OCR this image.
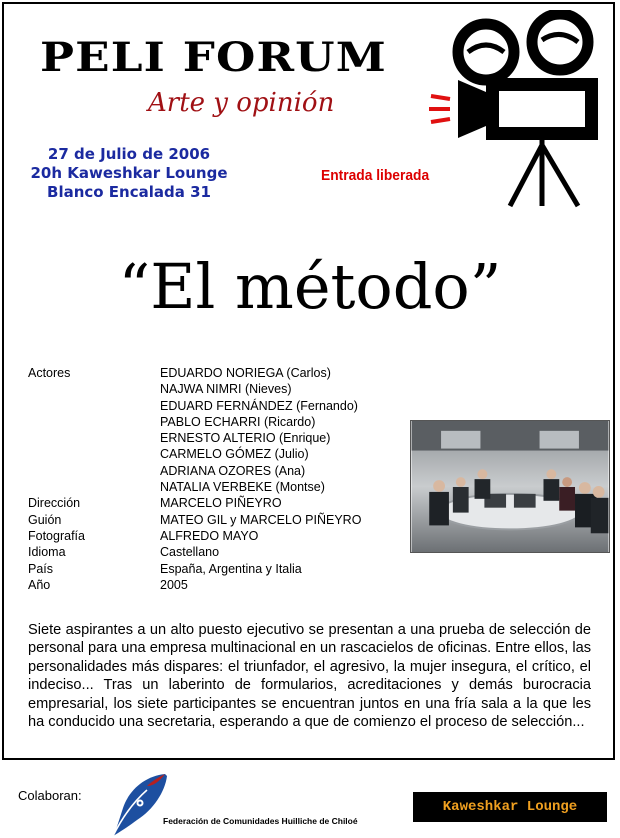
PELI FORUM
Arte y opinión
27 de Julio de 2006
20h Kaweshkar Lounge
Blanco Encalada 31
Entrada liberada
“El método”
Actores	EDUARDO NORIEGA (Carlos)
NAJWA NIMRI (Nieves)
EDUARD FERNÁNDEZ (Fernando)
PABLO ECHARRI (Ricardo)
ERNESTO ALTERIO (Enrique)
CARMELO GÓMEZ (Julio)
ADRIANA OZORES (Ana)
NATALIA VERBEKE (Montse)
Dirección	MARCELO PIÑEYRO
Guión	MATEO GIL y MARCELO PIÑEYRO
Fotografía	ALFREDO MAYO
Idioma	Castellano
País	España, Argentina y Italia
Año	2005
Siete aspirantes a un alto puesto ejecutivo se presentan a una prueba de selección de personal para una empresa multinacional en un rascacielos de oficinas. Entre ellos, las personalidades más dispares: el triunfador, el agresivo, la mujer insegura, el crítico, el indeciso... Tras un laberinto de formularios, acreditaciones y demás burocracia empresarial, los siete participantes se encuentran juntos en una fría sala a la que les ha conducido una secretaria, esperando a que de comienzo el proceso de selección...
Colaboran:
Federación de Comunidades Huilliche de Chiloé
Kaweshkar Lounge
